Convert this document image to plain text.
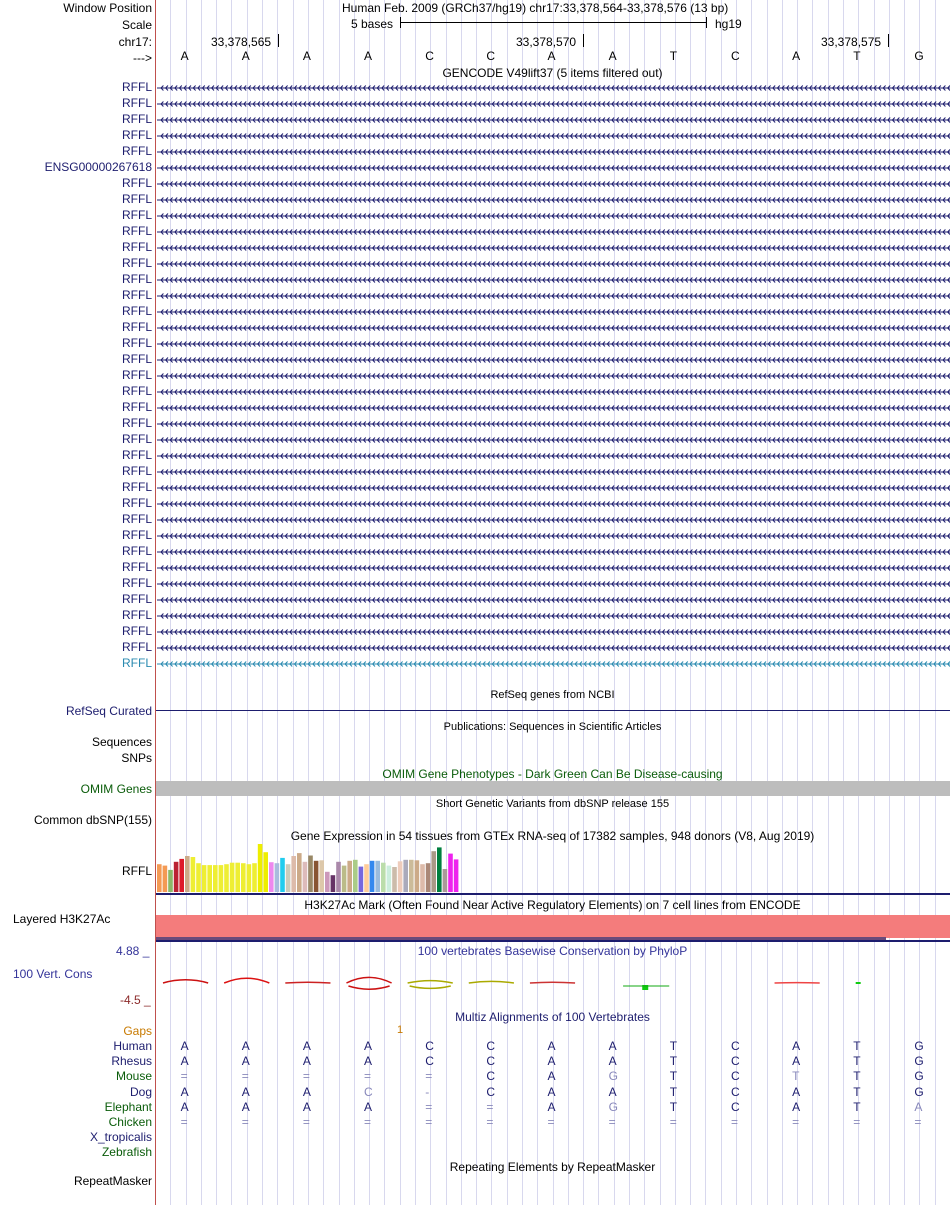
Window Position
Scale
chr17:
--->
Human Feb. 2009 (GRCh37/hg19) chr17:33,378,564-33,378,576 (13 bp)
5 bases	hg19
33,378,565	33,378,570	33,378,575
A	A	A	A	C	C	A	A	T	C	A	T	G
GENCODE V49lift37 (5 items filtered out)
RFFL
RFFL
RFFL
RFFL
RFFL
ENSG00000267618
RFFL
RFFL
RFFL
RFFL
RFFL
RFFL
RFFL
RFFL
RFFL
RFFL
RFFL
RFFL
RFFL
RFFL
RFFL
RFFL
RFFL
RFFL
RFFL
RFFL
RFFL
RFFL
RFFL
RFFL
RFFL
RFFL
RFFL
RFFL
RFFL
RFFL
RFFL
RefSeq genes from NCBI
RefSeq Curated
Publications: Sequences in Scientific Articles
Sequences
SNPs
OMIM Gene Phenotypes - Dark Green Can Be Disease-causing
OMIM Genes
Short Genetic Variants from dbSNP release 155
Common dbSNP(155)
Gene Expression in 54 tissues from GTEx RNA-seq of 17382 samples, 948 donors (V8, Aug 2019)
RFFL
H3K27Ac Mark (Often Found Near Active Regulatory Elements) on 7 cell lines from ENCODE
Layered H3K27Ac
100 vertebrates Basewise Conservation by PhyloP
4.88 _
100 Vert. Cons
-4.5 _
Multiz Alignments of 100 Vertebrates
Gaps	1
Human A	A	A	A	C	C	A	A	T	C	A	T	G
Rhesus A	A	A	A	C	C	A	A	T	C	A	T	G
Mouse =	=	=	=	=	C	A	G	T	C	T	T	G
Dog A	A	A	C	-	C	A	A	T	C	A	T	G
Elephant A	A	A	A	=	=	A	G	T	C	A	T	A
Chicken =	=	=	=	=	=	=	=	=	=	=	=	=
X_tropicalis
Zebrafish
Repeating Elements by RepeatMasker
RepeatMasker
